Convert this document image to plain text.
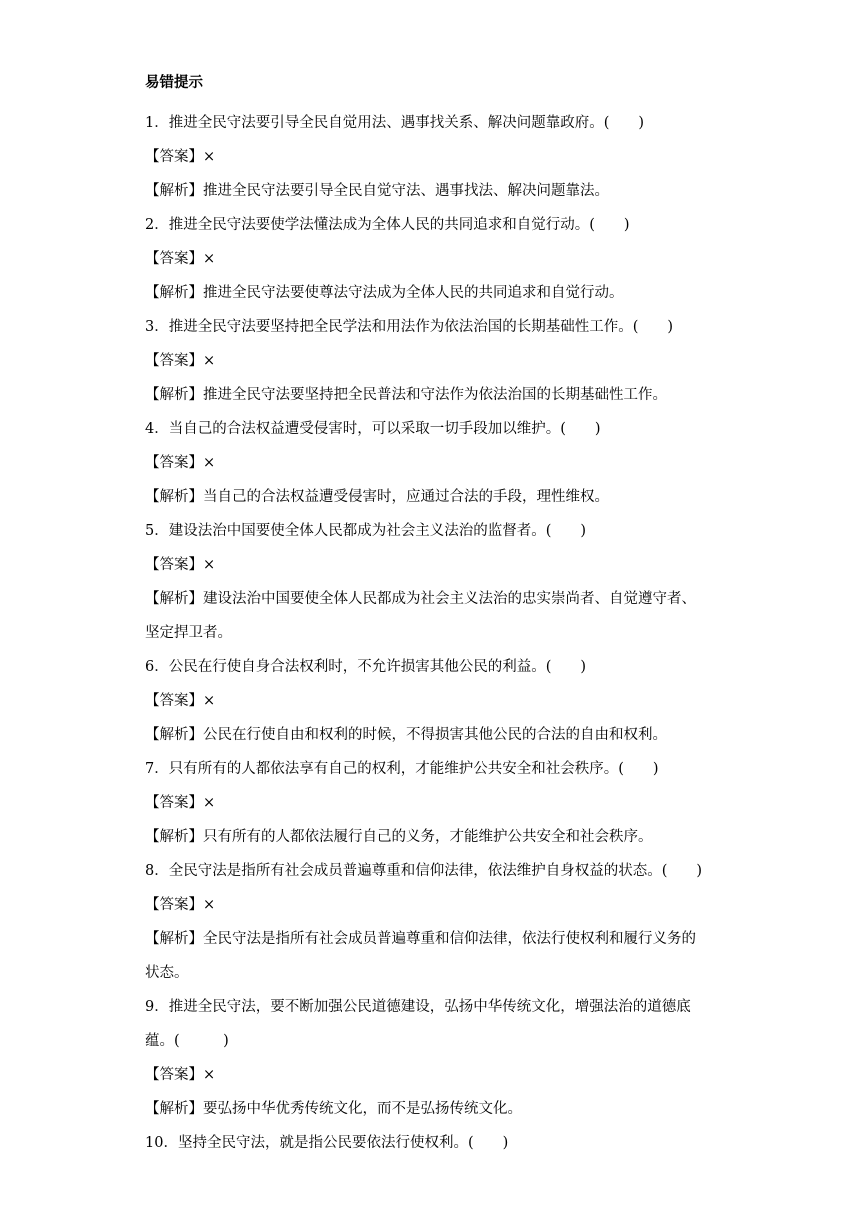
易错提示
1．推进全民守法要引导全民自觉用法、遇事找关系、解决问题靠政府。(　　)
【答案】×
【解析】推进全民守法要引导全民自觉守法、遇事找法、解决问题靠法。
2．推进全民守法要使学法懂法成为全体人民的共同追求和自觉行动。(　　)
【答案】×
【解析】推进全民守法要使尊法守法成为全体人民的共同追求和自觉行动。
3．推进全民守法要坚持把全民学法和用法作为依法治国的长期基础性工作。(　　)
【答案】×
【解析】推进全民守法要坚持把全民普法和守法作为依法治国的长期基础性工作。
4．当自己的合法权益遭受侵害时，可以采取一切手段加以维护。(　　)
【答案】×
【解析】当自己的合法权益遭受侵害时，应通过合法的手段，理性维权。
5．建设法治中国要使全体人民都成为社会主义法治的监督者。(　　)
【答案】×
【解析】建设法治中国要使全体人民都成为社会主义法治的忠实崇尚者、自觉遵守者、
坚定捍卫者。
6．公民在行使自身合法权利时，不允许损害其他公民的利益。(　　)
【答案】×
【解析】公民在行使自由和权利的时候，不得损害其他公民的合法的自由和权利。
7．只有所有的人都依法享有自己的权利，才能维护公共安全和社会秩序。(　　)
【答案】×
【解析】只有所有的人都依法履行自己的义务，才能维护公共安全和社会秩序。
8．全民守法是指所有社会成员普遍尊重和信仰法律，依法维护自身权益的状态。(　　)
【答案】×
【解析】全民守法是指所有社会成员普遍尊重和信仰法律，依法行使权利和履行义务的
状态。
9．推进全民守法，要不断加强公民道德建设，弘扬中华传统文化，增强法治的道德底
蕴。(　　　)
【答案】×
【解析】要弘扬中华优秀传统文化，而不是弘扬传统文化。
10．坚持全民守法，就是指公民要依法行使权利。(　　)
